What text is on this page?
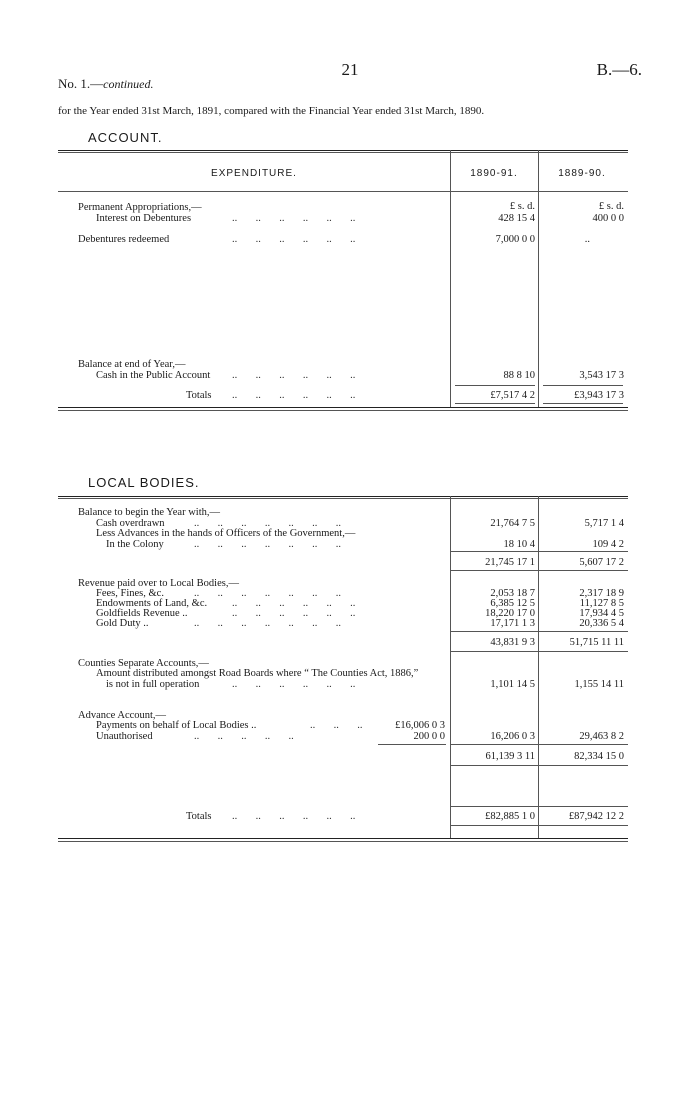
21	B.—6.
No. 1.—continued.
for the Year ended 31st March, 1891, compared with the Financial Year ended 31st March, 1890.
ACCOUNT.
EXPENDITURE.	1890-91.	1889-90.
£ s. d.	£ s. d.
Permanent Appropriations,—
Interest on Debentures	..       ..       ..       ..       ..       ..	428 15 4	400 0 0
Debentures redeemed	..       ..       ..       ..       ..       ..	7,000 0 0	..
Balance at end of Year,—
Cash in the Public Account ..       ..       ..       ..       ..       ..	88 8 10	3,543 17 3
Totals ..       ..       ..       ..       ..       ..	£7,517 4 2	£3,943 17 3
LOCAL BODIES.
Balance to begin the Year with,—
Cash overdrawn	..       ..       ..       ..       ..       ..       ..	21,764 7 5	5,717 1 4
Less Advances in the hands of Officers of the Government,—
In the Colony	..       ..       ..       ..       ..       ..       ..	18 10 4	109 4 2
21,745 17 1	5,607 17 2
Revenue paid over to Local Bodies,—
Fees, Fines, &c.	..       ..       ..       ..       ..       ..       ..	2,053 18 7	2,317 18 9
Endowments of Land, &c. ..       ..       ..       ..       ..       ..	6,385 12 5	11,127 8 5
Goldfields Revenue ..	..       ..       ..       ..       ..       ..	18,220 17 0	17,934 4 5
Gold Duty ..	..       ..       ..       ..       ..       ..       ..	17,171 1 3	20,336 5 4
43,831 9 3	51,715 11 11
Counties Separate Accounts,—
Amount distributed amongst Road Boards where “ The Counties Act, 1886,”
is not in full operation	..       ..       ..       ..       ..       ..	1,101 14 5	1,155 14 11
Advance Account,—
Payments on behalf of Local Bodies ..	..       ..       ..	£16,006 0 3
Unauthorised	..       ..       ..       ..       ..	200 0 0	16,206 0 3	29,463 8 2
61,139 3 11	82,334 15 0
Totals ..       ..       ..       ..       ..       ..	£82,885 1 0	£87,942 12 2
